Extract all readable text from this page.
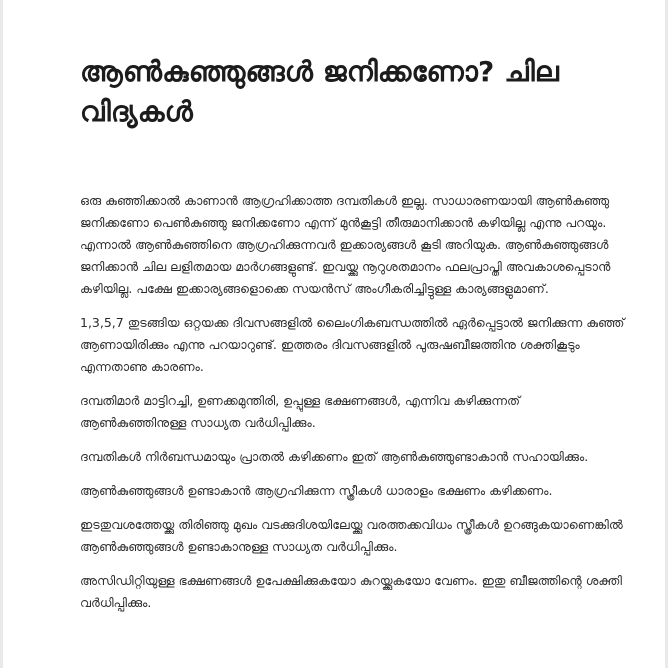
ആൺകുഞ്ഞുങ്ങൾ ജനിക്കണോ? ചില വിദ്യകൾ

ഒരു കുഞ്ഞിക്കാൽ കാണാൻ ആഗ്രഹിക്കാത്ത ദമ്പതികൾ ഇല്ല. സാധാരണയായി ആൺകുഞ്ഞു ജനിക്കണോ പെൺകുഞ്ഞു ജനിക്കണോ എന്ന് മുൻകൂട്ടി തീരുമാനിക്കാൻ കഴിയില്ല എന്നു പറയും. എന്നാൽ ആൺകുഞ്ഞിനെ ആഗ്രഹിക്കുന്നവർ ഇക്കാര്യങ്ങൾ കൂടി അറിയുക. ആൺകുഞ്ഞുങ്ങൾ ജനിക്കാൻ ചില ലളിതമായ മാർഗങ്ങളുണ്ട്. ഇവയ്ക്കു നൂറുശതമാനം ഫലപ്രാപ്തി അവകാശപ്പെടാൻ കഴിയില്ല. പക്ഷേ ഇക്കാര്യങ്ങളൊക്കെ സയൻസ് അംഗീകരിച്ചിട്ടുള്ള കാര്യങ്ങളുമാണ്.

1,3,5,7 തുടങ്ങിയ ഒറ്റയക്ക ദിവസങ്ങളിൽ ലൈംഗികബന്ധത്തിൽ ഏർപ്പെട്ടാൽ ജനിക്കുന്ന കുഞ്ഞ് ആണായിരിക്കും എന്നു പറയാറുണ്ട്. ഇത്തരം ദിവസങ്ങളിൽ പുരുഷബീജത്തിനു ശക്തികൂടും എന്നതാണു കാരണം.

ദമ്പതിമാർ മാട്ടിറച്ചി, ഉണക്കമുന്തിരി, ഉപ്പുള്ള ഭക്ഷണങ്ങൾ, എന്നിവ കഴിക്കുന്നത് ആൺകുഞ്ഞിനുള്ള സാധ്യത വർധിപ്പിക്കും.

ദമ്പതികൾ നിർബന്ധമായും പ്രാതൽ കഴിക്കണം ഇത് ആൺകുഞ്ഞുണ്ടാകാൻ സഹായിക്കും.

ആൺകുഞ്ഞുങ്ങൾ ഉണ്ടാകാൻ ആഗ്രഹിക്കുന്ന സ്ത്രീകൾ ധാരാളം ഭക്ഷണം കഴിക്കണം.

ഇടതുവശത്തേയ്ക്കു തിരിഞ്ഞു മുഖം വടക്കുദിശയിലേയ്ക്കു വരത്തക്കവിധം സ്ത്രീകൾ ഉറങ്ങുകയാണെങ്കിൽ ആൺകുഞ്ഞുങ്ങൾ ഉണ്ടാകാനുള്ള സാധ്യത വർധിപ്പിക്കും.

അസിഡിറ്റിയുള്ള ഭക്ഷണങ്ങൾ ഉപേക്ഷിക്കുകയോ കുറയ്ക്കുകയോ വേണം. ഇതു ബീജത്തിന്റെ ശക്തി വർധിപ്പിക്കും.
